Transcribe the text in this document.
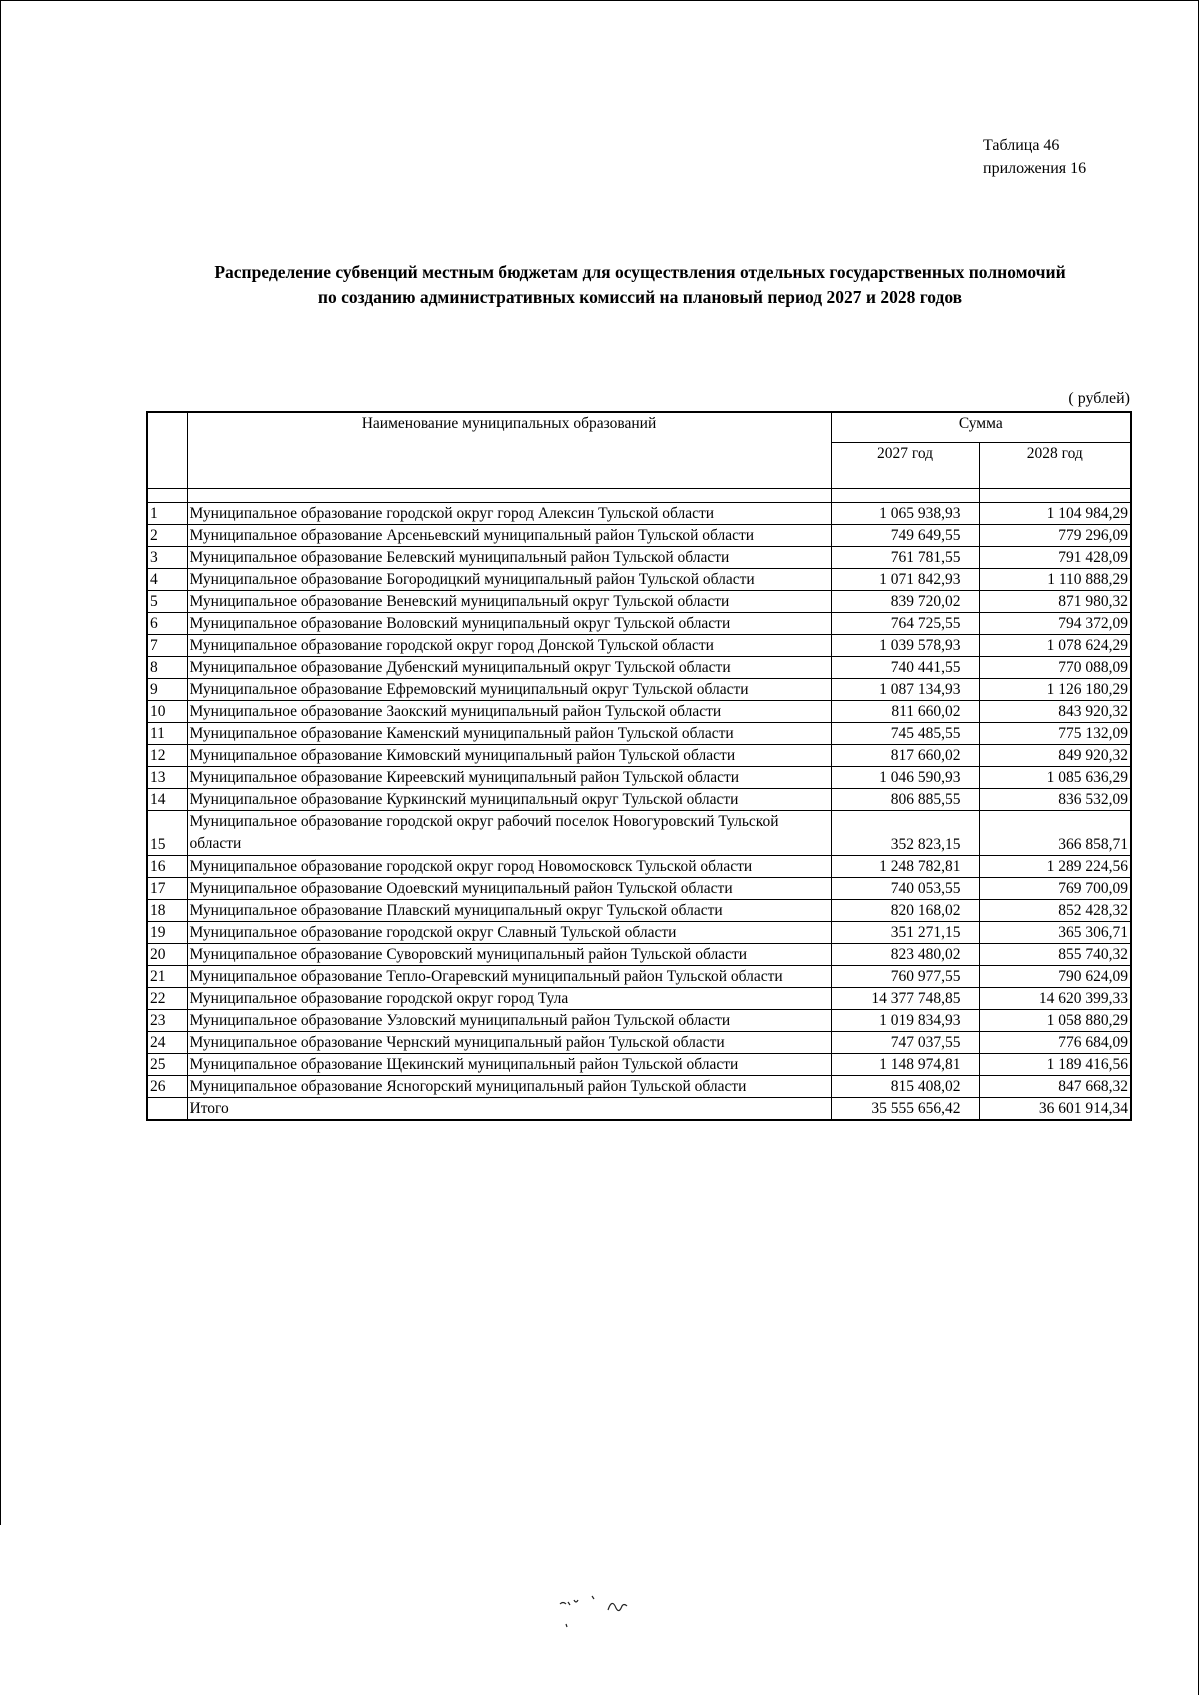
Таблица 46
приложения 16
Распределение субвенций местным бюджетам для осуществления отдельных государственных полномочий
по созданию административных комиссий на плановый период 2027 и 2028 годов
( рублей)
	Наименование муниципальных образований	Сумма	
		2027 год	2028 год

1	Муниципальное образование городской округ город Алексин Тульской области	1 065 938,93	1 104 984,29
2	Муниципальное образование Арсеньевский муниципальный район Тульской области	749 649,55	779 296,09
3	Муниципальное образование Белевский муниципальный район Тульской области	761 781,55	791 428,09
4	Муниципальное образование Богородицкий муниципальный район Тульской области	1 071 842,93	1 110 888,29
5	Муниципальное образование Веневский муниципальный округ Тульской области	839 720,02	871 980,32
6	Муниципальное образование Воловский муниципальный округ Тульской области	764 725,55	794 372,09
7	Муниципальное образование городской округ город Донской Тульской области	1 039 578,93	1 078 624,29
8	Муниципальное образование Дубенский муниципальный округ Тульской области	740 441,55	770 088,09
9	Муниципальное образование Ефремовский муниципальный округ Тульской области	1 087 134,93	1 126 180,29
10	Муниципальное образование Заокский муниципальный район Тульской области	811 660,02	843 920,32
11	Муниципальное образование Каменский муниципальный район Тульской области	745 485,55	775 132,09
12	Муниципальное образование Кимовский муниципальный район Тульской области	817 660,02	849 920,32
13	Муниципальное образование Киреевский муниципальный район Тульской области	1 046 590,93	1 085 636,29
14	Муниципальное образование Куркинский муниципальный округ Тульской области	806 885,55	836 532,09
15	Муниципальное образование городской округ рабочий поселок Новогуровский Тульской области	352 823,15	366 858,71
16	Муниципальное образование городской округ город Новомосковск Тульской области	1 248 782,81	1 289 224,56
17	Муниципальное образование Одоевский муниципальный район Тульской области	740 053,55	769 700,09
18	Муниципальное образование Плавский муниципальный округ Тульской области	820 168,02	852 428,32
19	Муниципальное образование городской округ Славный Тульской области	351 271,15	365 306,71
20	Муниципальное образование Суворовский муниципальный район Тульской области	823 480,02	855 740,32
21	Муниципальное образование Тепло-Огаревский муниципальный район Тульской области	760 977,55	790 624,09
22	Муниципальное образование городской округ город Тула	14 377 748,85	14 620 399,33
23	Муниципальное образование Узловский муниципальный район Тульской области	1 019 834,93	1 058 880,29
24	Муниципальное образование Чернский муниципальный район Тульской области	747 037,55	776 684,09
25	Муниципальное образование Щекинский муниципальный район Тульской области	1 148 974,81	1 189 416,56
26	Муниципальное образование Ясногорский муниципальный район Тульской области	815 408,02	847 668,32
	Итого	35 555 656,42	36 601 914,34
